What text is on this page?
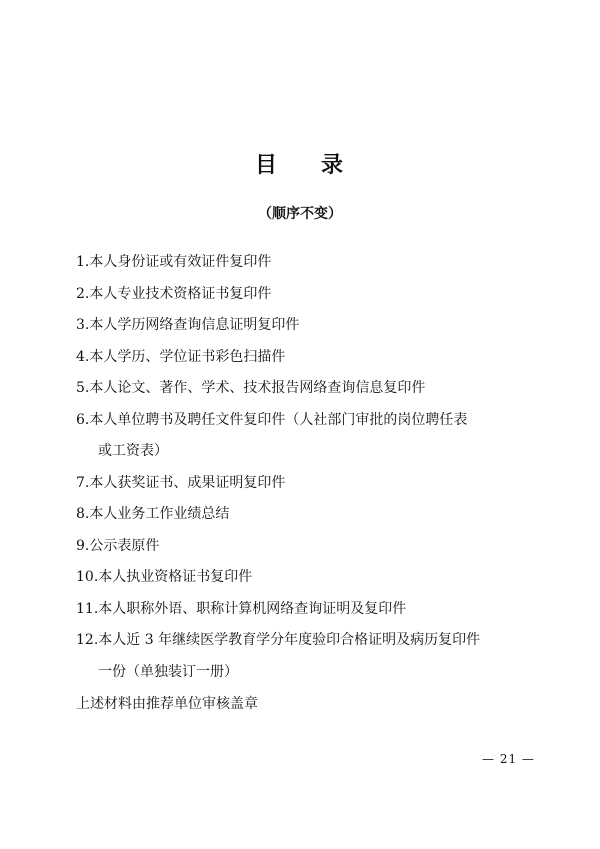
目 录
（顺序不变）
1. 本人身份证或有效证件复印件
2. 本人专业技术资格证书复印件
3. 本人学历网络查询信息证明复印件
4. 本人学历、学位证书彩色扫描件
5. 本人论文、著作、学术、技术报告网络查询信息复印件
6. 本人单位聘书及聘任文件复印件（人社部门审批的岗位聘任表
或工资表）
7. 本人获奖证书、成果证明复印件
8. 本人业务工作业绩总结
9. 公示表原件
10. 本人执业资格证书复印件
11. 本人职称外语、职称计算机网络查询证明及复印件
12. 本人近 3 年继续医学教育学分年度验印合格证明及病历复印件
一份（单独装订一册）
上述材料由推荐单位审核盖章
— 21 —
